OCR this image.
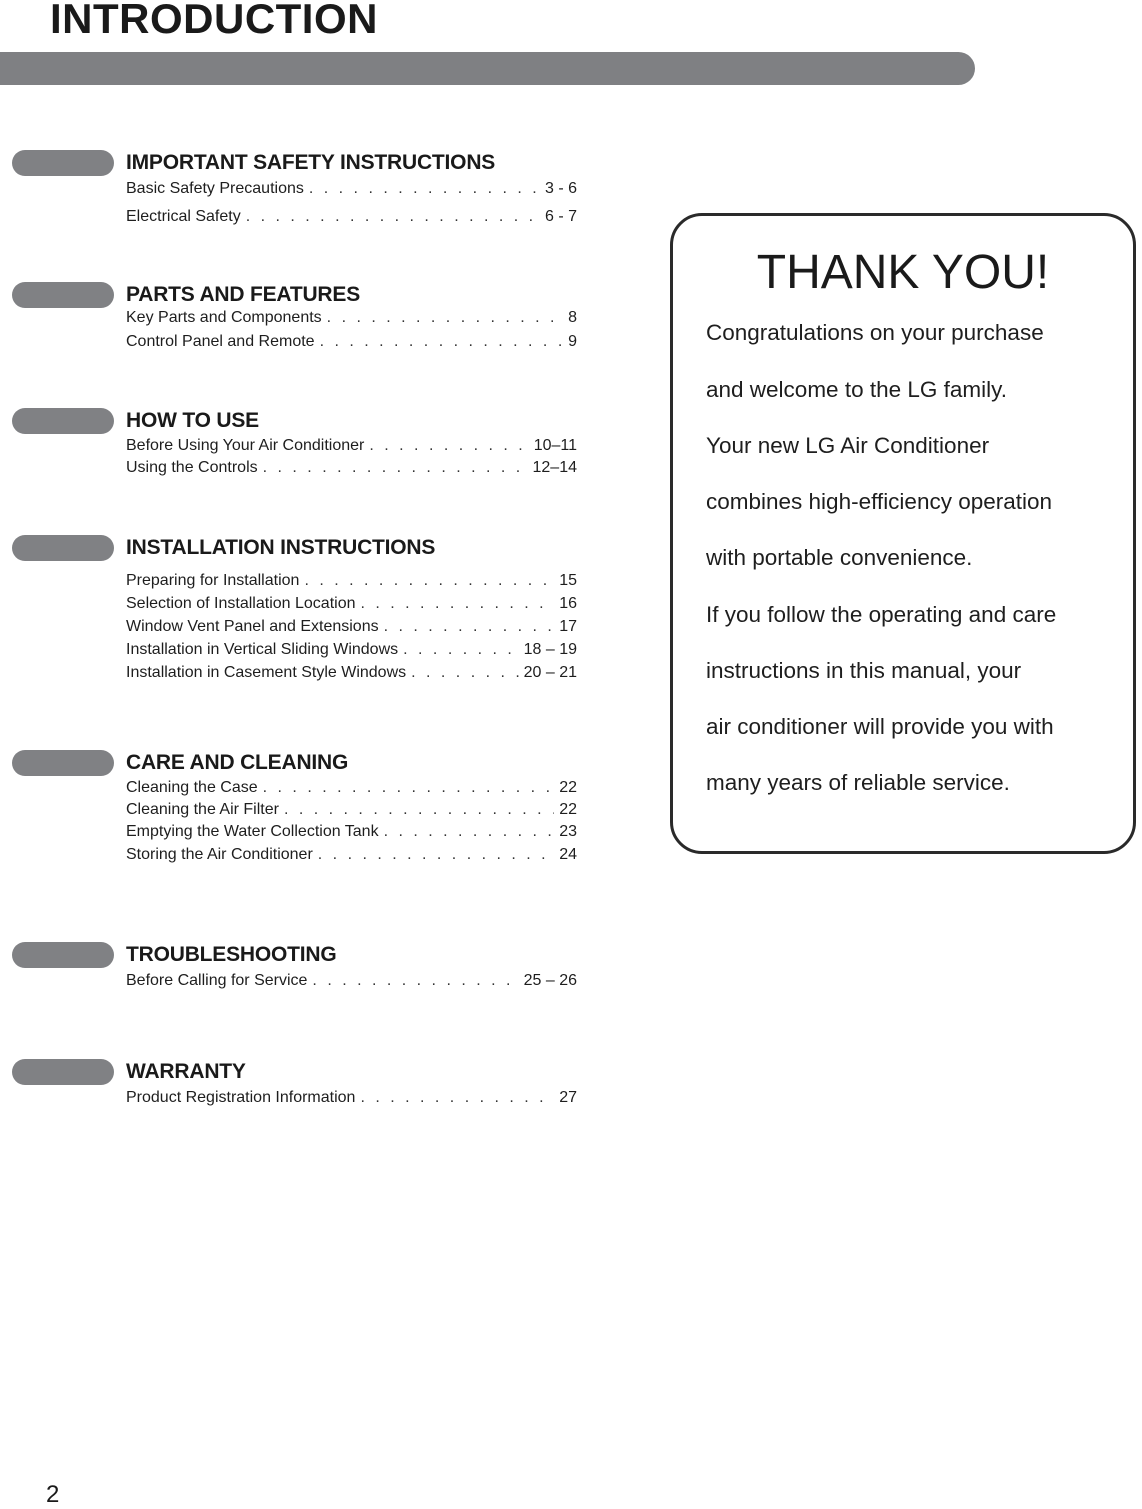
INTRODUCTION
IMPORTANT SAFETY INSTRUCTIONS
Basic Safety Precautions . . .	3 - 6
Electrical Safety . . .	6 - 7
PARTS AND FEATURES
Key Parts and Components . . .	8
Control Panel and Remote . . .	9
HOW TO USE
Before Using Your Air Conditioner . . .	10–11
Using the Controls . . .	12–14
INSTALLATION INSTRUCTIONS
Preparing for Installation . . .	15
Selection of Installation Location . . .	16
Window Vent Panel and Extensions . . .	17
Installation in Vertical Sliding Windows . . .	18 – 19
Installation in Casement Style Windows . . .	20 – 21
CARE AND CLEANING
Cleaning the Case . . .	22
Cleaning the Air Filter . . .	22
Emptying the Water Collection Tank . . .	23
Storing the Air Conditioner . . .	24
TROUBLESHOOTING
Before Calling for Service . . .	25 – 26
WARRANTY
Product Registration Information . . .	27
THANK YOU!
Congratulations on your purchase
and welcome to the LG family.
Your new LG Air Conditioner
combines high-efficiency operation
with portable convenience.
If you follow the operating and care
instructions in this manual, your
air conditioner will provide you with
many years of reliable service.
2
